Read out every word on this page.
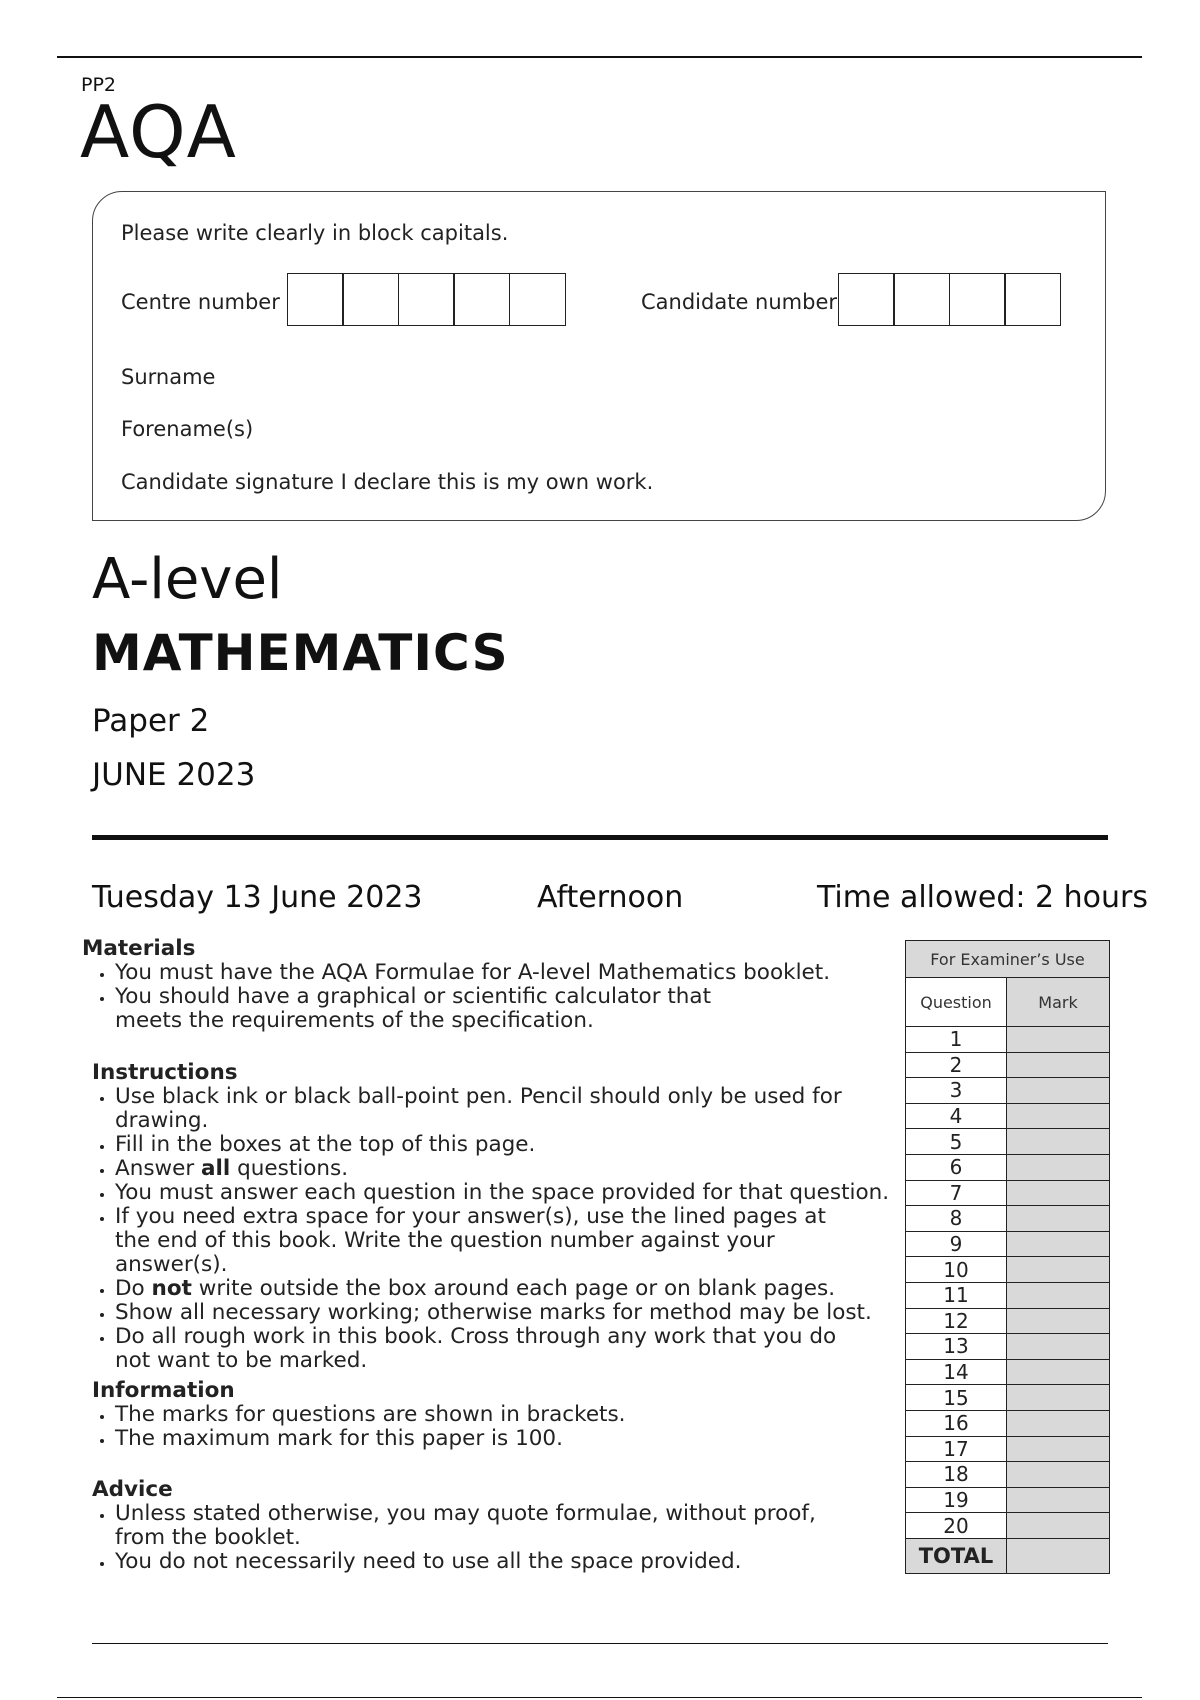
PP2
AQA
Please write clearly in block capitals.
Centre number	Candidate number
Surname
Forename(s)
Candidate signature I declare this is my own work.
A-level
MATHEMATICS
Paper 2
JUNE 2023
Tuesday 13 June 2023	Afternoon	Time allowed: 2 hours
Materials
• You must have the AQA Formulae for A-level Mathematics booklet.
• You should have a graphical or scientific calculator that meets the requirements of the specification.
Instructions
• Use black ink or black ball-point pen. Pencil should only be used for drawing.
• Fill in the boxes at the top of this page.
• Answer all questions.
• You must answer each question in the space provided for that question.
• If you need extra space for your answer(s), use the lined pages at the end of this book. Write the question number against your answer(s).
• Do not write outside the box around each page or on blank pages.
• Show all necessary working; otherwise marks for method may be lost.
• Do all rough work in this book. Cross through any work that you do not want to be marked.
Information
• The marks for questions are shown in brackets.
• The maximum mark for this paper is 100.
Advice
• Unless stated otherwise, you may quote formulae, without proof, from the booklet.
• You do not necessarily need to use all the space provided.
For Examiner’s Use	
Question	Mark
1	
2	
3	
4	
5	
6	
7	
8	
9	
10	
11	
12	
13	
14	
15	
16	
17	
18	
19	
20	
TOTAL	
